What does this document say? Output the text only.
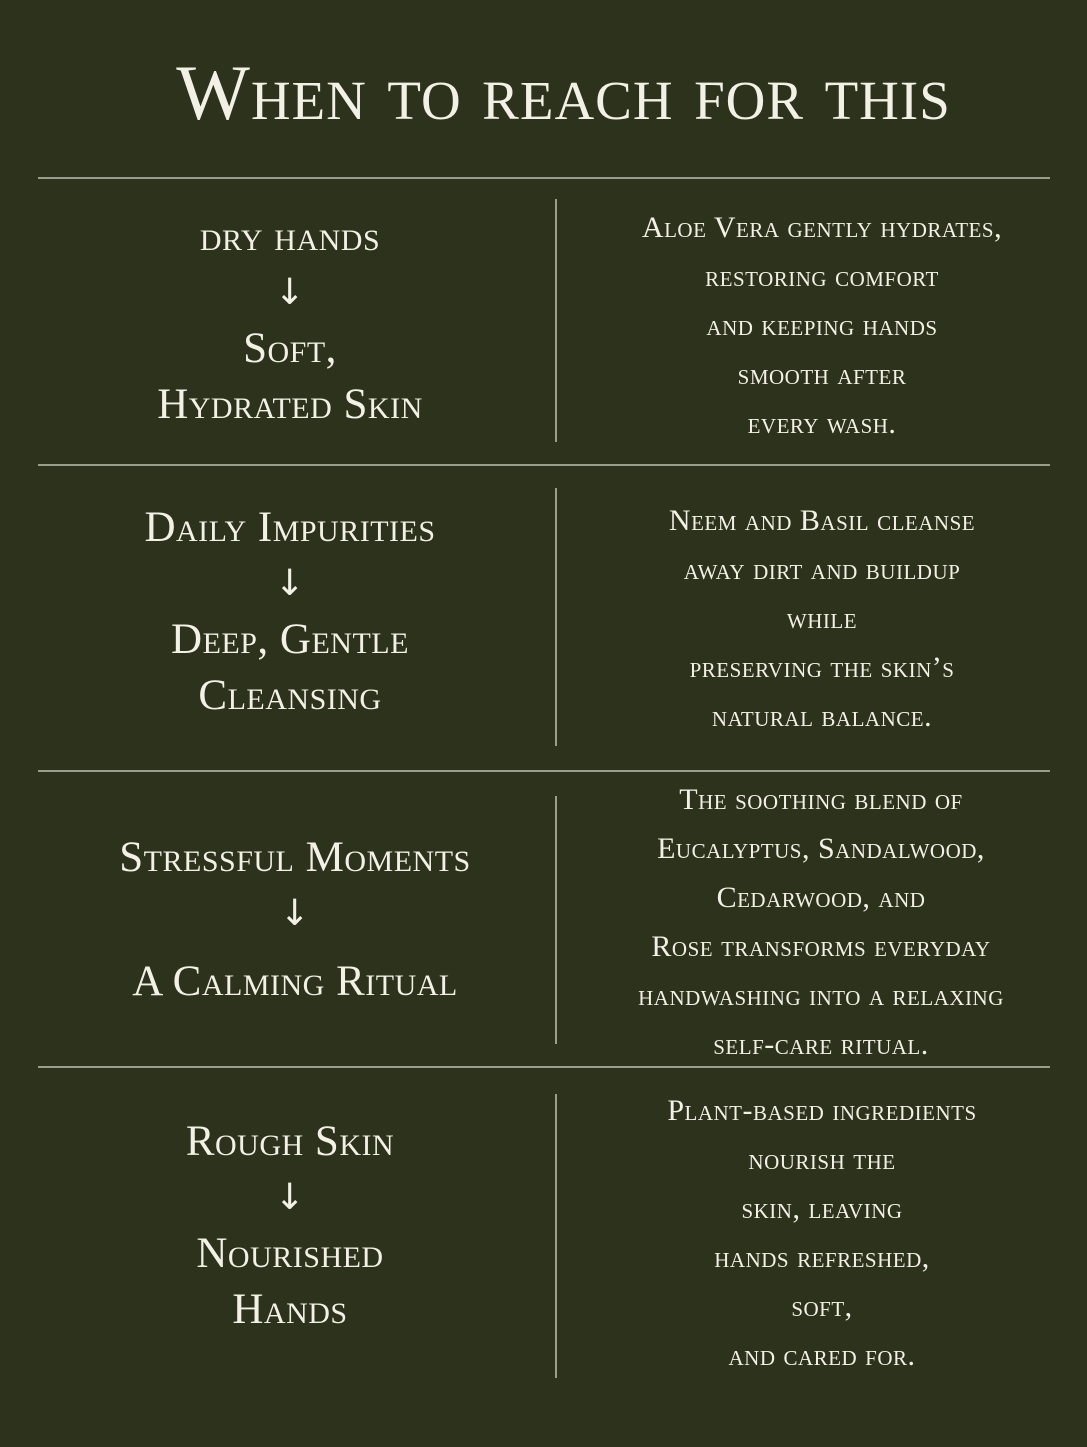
When to reach for this
dry hands
↓
Soft,
Hydrated Skin
Aloe Vera gently hydrates,
restoring comfort
and keeping hands
smooth after
every wash.
Daily Impurities
↓
Deep, Gentle
Cleansing
Neem and Basil cleanse
away dirt and buildup
while
preserving the skin’s
natural balance.
Stressful Moments
↓
A Calming Ritual
The soothing blend of
Eucalyptus, Sandalwood,
Cedarwood, and
Rose transforms everyday
handwashing into a relaxing
self-care ritual.
Rough Skin
↓
Nourished
Hands
Plant-based ingredients
nourish the
skin, leaving
hands refreshed,
soft,
and cared for.
